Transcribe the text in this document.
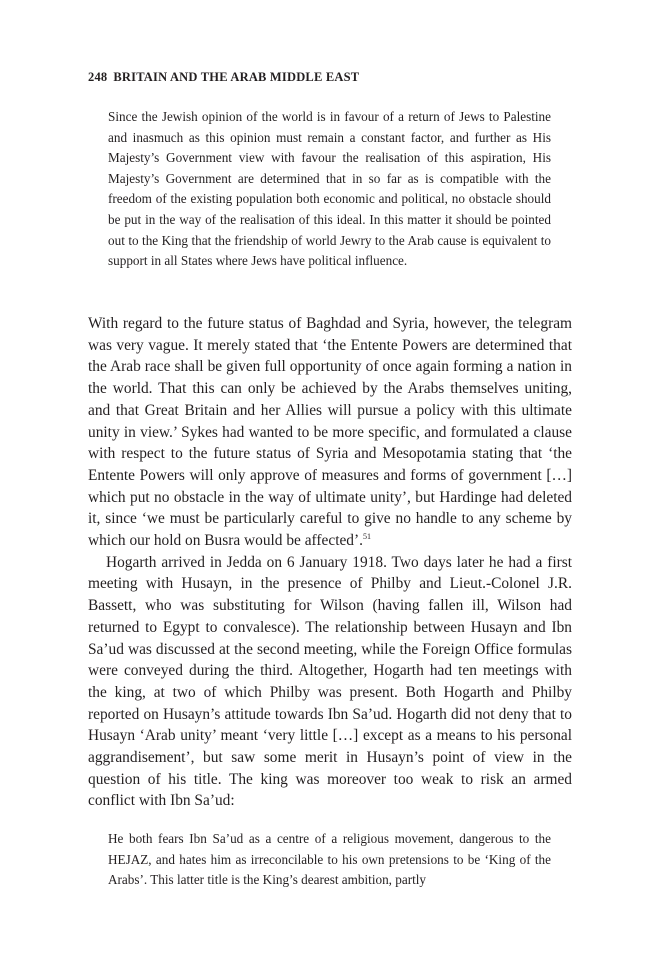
248 BRITAIN AND THE ARAB MIDDLE EAST

Since the Jewish opinion of the world is in favour of a return of Jews to Palestine and inasmuch as this opinion must remain a constant factor, and further as His Majesty’s Government view with favour the realisation of this aspiration, His Majesty’s Government are determined that in so far as is compatible with the freedom of the existing population both economic and political, no obstacle should be put in the way of the realisation of this ideal. In this matter it should be pointed out to the King that the friendship of world Jewry to the Arab cause is equivalent to support in all States where Jews have political influence.

With regard to the future status of Baghdad and Syria, however, the telegram was very vague. It merely stated that ‘the Entente Powers are determined that the Arab race shall be given full opportunity of once again forming a nation in the world. That this can only be achieved by the Arabs themselves uniting, and that Great Britain and her Allies will pursue a policy with this ultimate unity in view.’ Sykes had wanted to be more specific, and formulated a clause with respect to the future status of Syria and Mesopotamia stating that ‘the Entente Powers will only approve of measures and forms of government […] which put no obstacle in the way of ultimate unity’, but Hardinge had deleted it, since ‘we must be particularly careful to give no handle to any scheme by which our hold on Busra would be affected’.$^{51}$

Hogarth arrived in Jedda on 6 January 1918. Two days later he had a first meeting with Husayn, in the presence of Philby and Lieut.-Colonel J.R. Bassett, who was substituting for Wilson (having fallen ill, Wilson had returned to Egypt to convalesce). The relationship between Husayn and Ibn Sa’ud was discussed at the second meeting, while the Foreign Office formulas were conveyed during the third. Altogether, Hogarth had ten meetings with the king, at two of which Philby was present. Both Hogarth and Philby reported on Husayn’s attitude towards Ibn Sa’ud. Hogarth did not deny that to Husayn ‘Arab unity’ meant ‘very little […] except as a means to his personal aggrandisement’, but saw some merit in Husayn’s point of view in the question of his title. The king was moreover too weak to risk an armed conflict with Ibn Sa’ud:

He both fears Ibn Sa’ud as a centre of a religious movement, dangerous to the HEJAZ, and hates him as irreconcilable to his own pretensions to be ‘King of the Arabs’. This latter title is the King’s dearest ambition, partly
